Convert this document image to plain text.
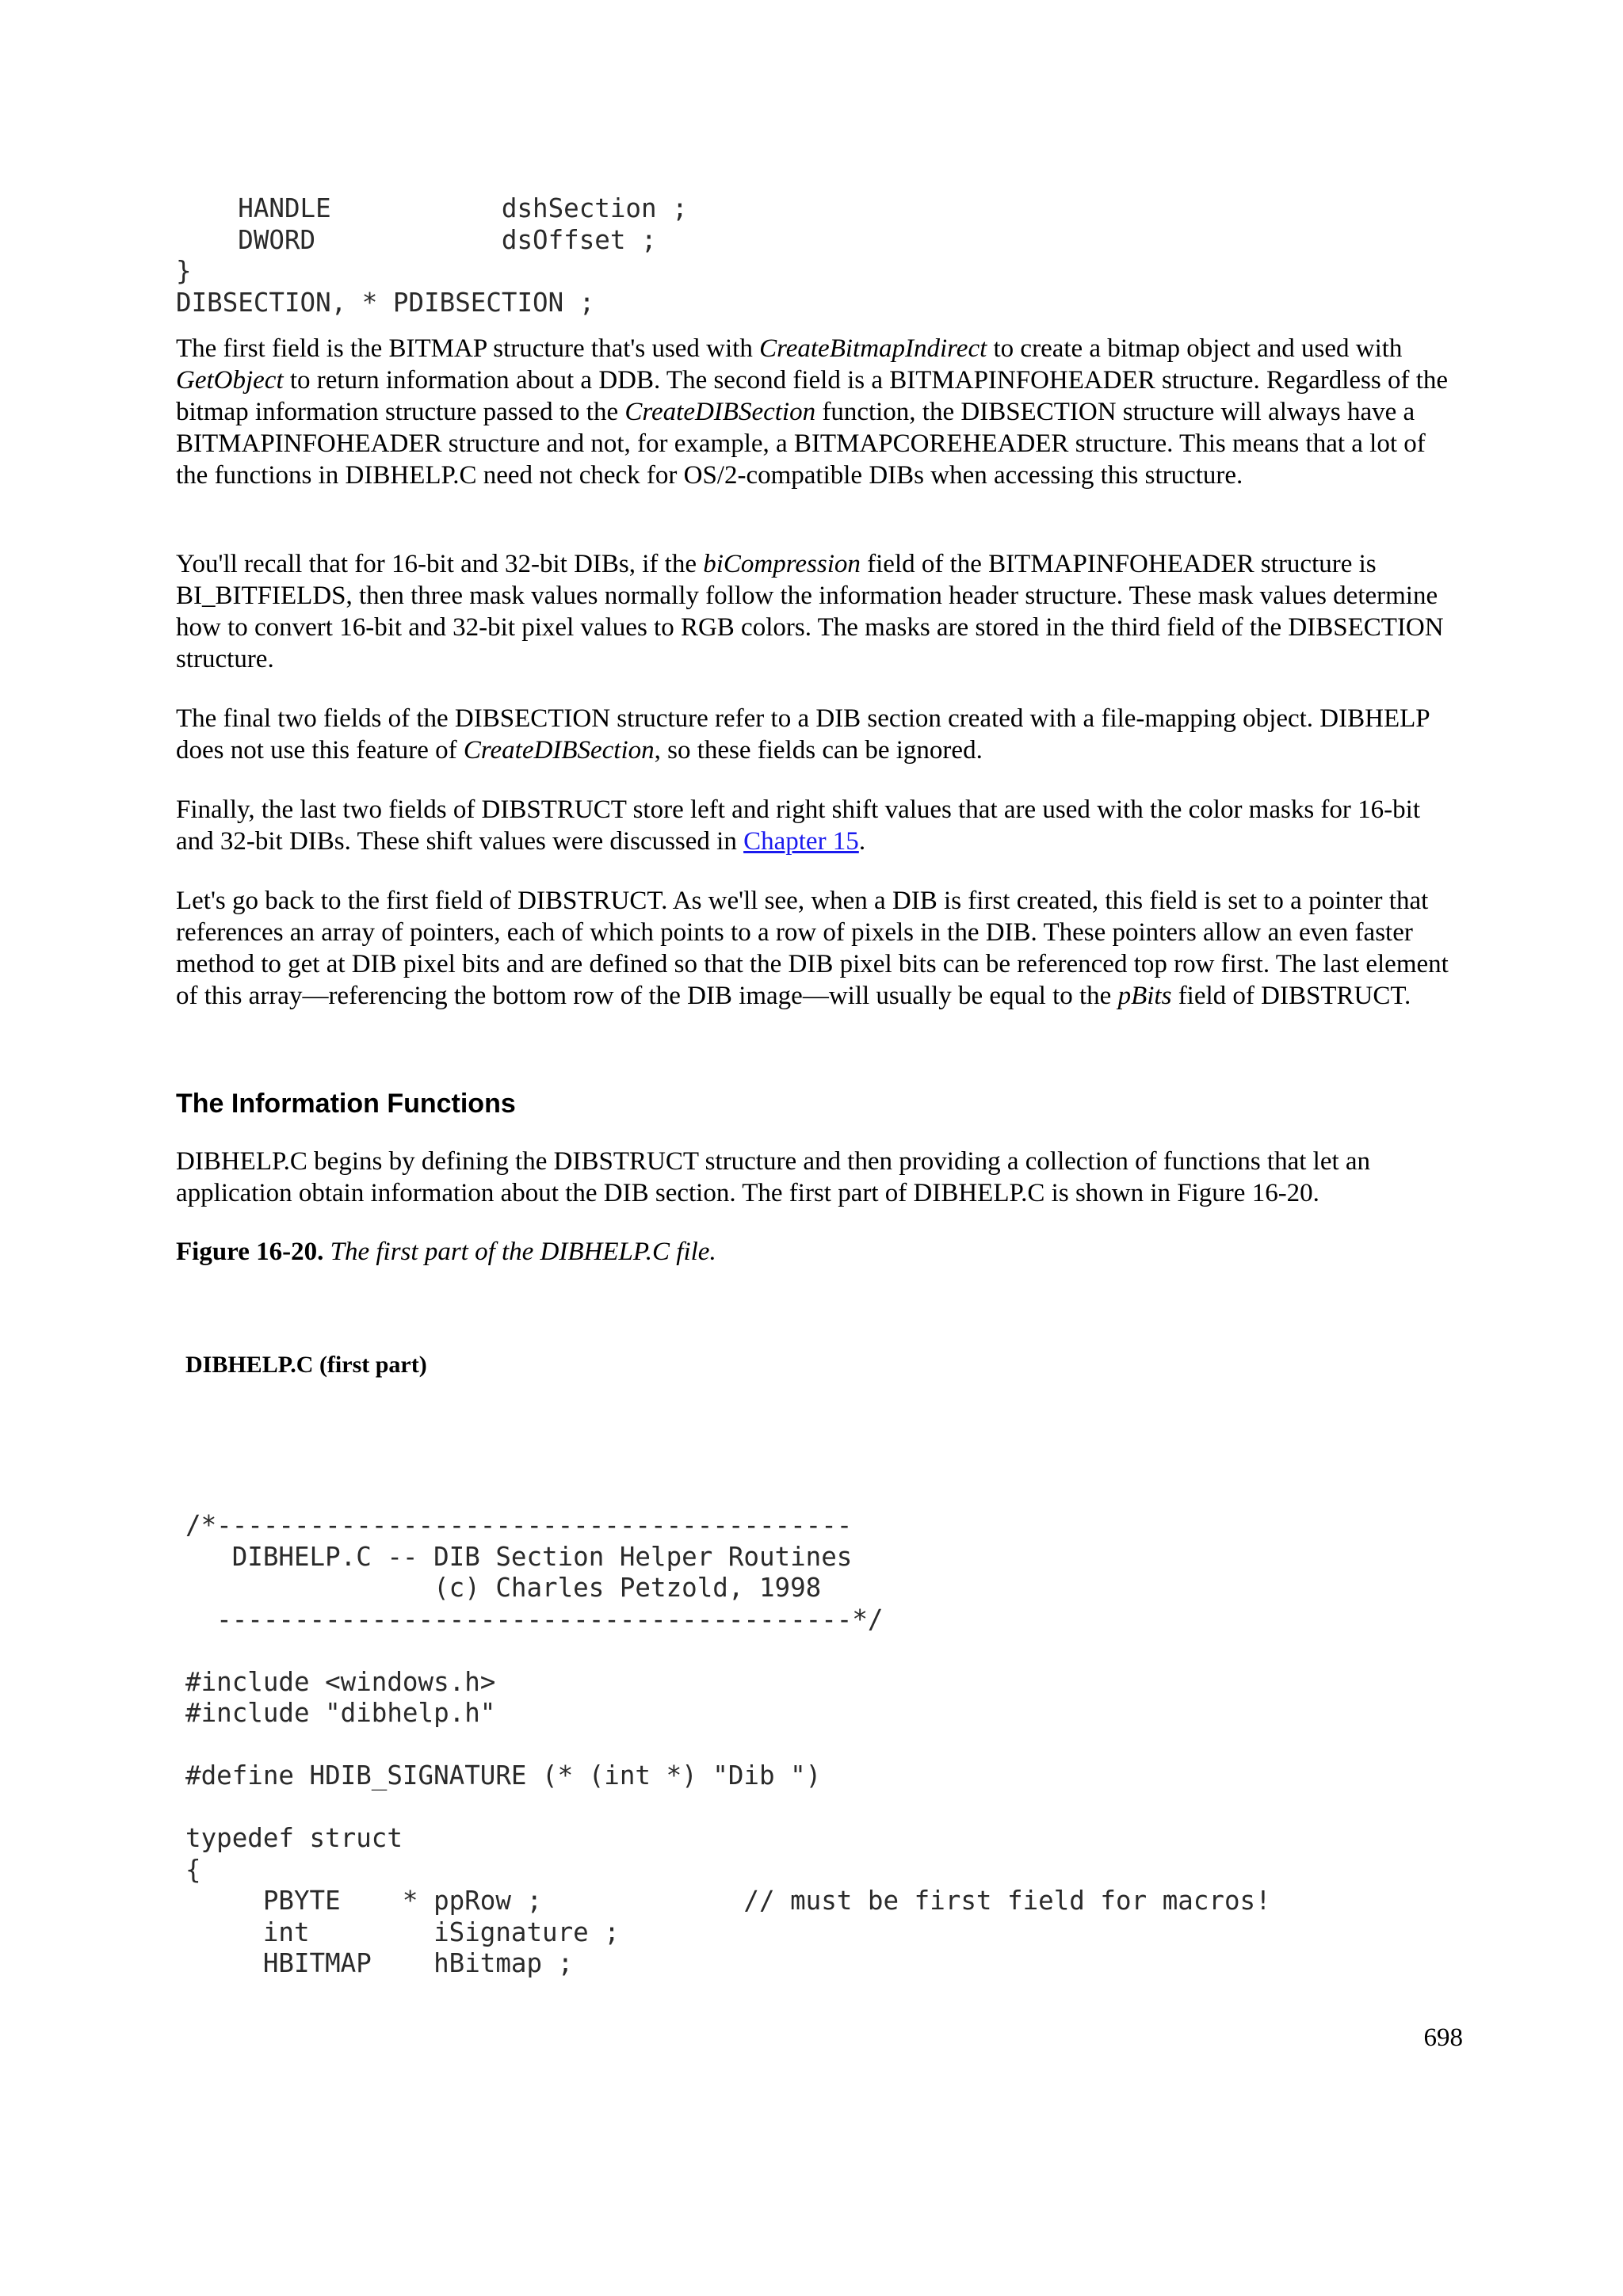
HANDLE           dshSection ;
DWORD            dsOffset ;
}
DIBSECTION, * PDIBSECTION ;

The first field is the BITMAP structure that's used with CreateBitmapIndirect to create a bitmap object and used with GetObject to return information about a DDB. The second field is a BITMAPINFOHEADER structure. Regardless of the bitmap information structure passed to the CreateDIBSection function, the DIBSECTION structure will always have a BITMAPINFOHEADER structure and not, for example, a BITMAPCOREHEADER structure. This means that a lot of the functions in DIBHELP.C need not check for OS/2-compatible DIBs when accessing this structure.

You'll recall that for 16-bit and 32-bit DIBs, if the biCompression field of the BITMAPINFOHEADER structure is BI_BITFIELDS, then three mask values normally follow the information header structure. These mask values determine how to convert 16-bit and 32-bit pixel values to RGB colors. The masks are stored in the third field of the DIBSECTION structure.

The final two fields of the DIBSECTION structure refer to a DIB section created with a file-mapping object. DIBHELP does not use this feature of CreateDIBSection, so these fields can be ignored.

Finally, the last two fields of DIBSTRUCT store left and right shift values that are used with the color masks for 16-bit and 32-bit DIBs. These shift values were discussed in Chapter 15.

Let's go back to the first field of DIBSTRUCT. As we'll see, when a DIB is first created, this field is set to a pointer that references an array of pointers, each of which points to a row of pixels in the DIB. These pointers allow an even faster method to get at DIB pixel bits and are defined so that the DIB pixel bits can be referenced top row first. The last element of this array—referencing the bottom row of the DIB image—will usually be equal to the pBits field of DIBSTRUCT.

The Information Functions

DIBHELP.C begins by defining the DIBSTRUCT structure and then providing a collection of functions that let an application obtain information about the DIB section. The first part of DIBHELP.C is shown in Figure 16-20.

Figure 16-20. The first part of the DIBHELP.C file.

DIBHELP.C (first part)

/*-----------------------------------------
DIBHELP.C -- DIB Section Helper Routines
(c) Charles Petzold, 1998
-----------------------------------------*/
#include <windows.h>
#include "dibhelp.h"
#define HDIB_SIGNATURE (* (int *) "Dib ")
typedef struct
{
PBYTE    * ppRow ;             // must be first field for macros!
int        iSignature ;
HBITMAP    hBitmap ;
698
